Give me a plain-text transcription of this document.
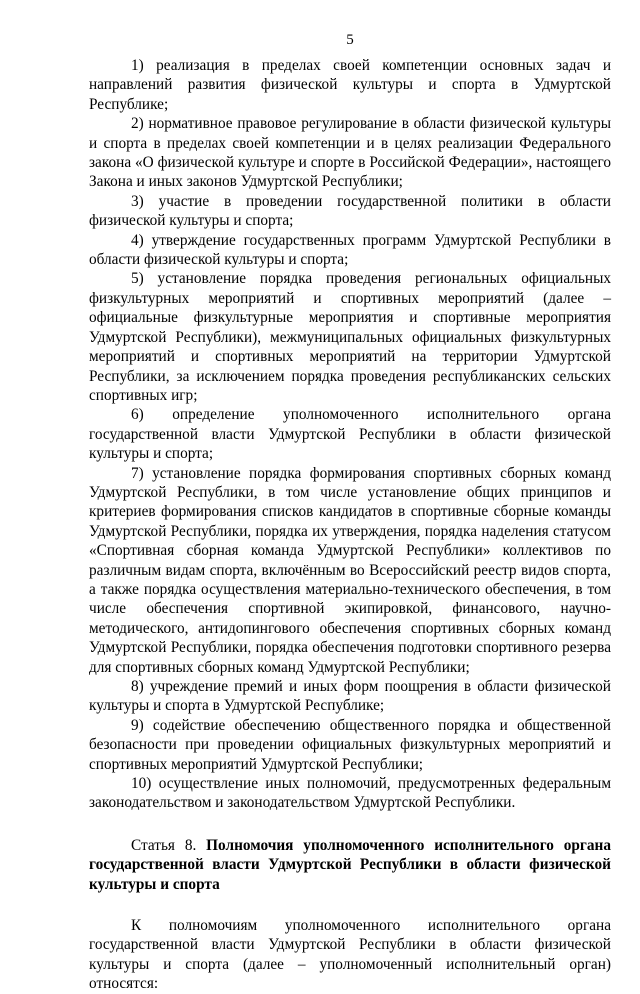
5

1) реализация в пределах своей компетенции основных задач и направлений развития физической культуры и спорта в Удмуртской Республике;

2) нормативное правовое регулирование в области физической культуры и спорта в пределах своей компетенции и в целях реализации Федерального закона «О физической культуре и спорте в Российской Федерации», настоящего Закона и иных законов Удмуртской Республики;

3) участие в проведении государственной политики в области физической культуры и спорта;

4) утверждение государственных программ Удмуртской Республики в области физической культуры и спорта;

5) установление порядка проведения региональных официальных физкультурных мероприятий и спортивных мероприятий (далее – официальные физкультурные мероприятия и спортивные мероприятия Удмуртской Республики), межмуниципальных официальных физкультурных мероприятий и спортивных мероприятий на территории Удмуртской Республики, за исключением порядка проведения республиканских сельских спортивных игр;

6) определение уполномоченного исполнительного органа государственной власти Удмуртской Республики в области физической культуры и спорта;

7) установление порядка формирования спортивных сборных команд Удмуртской Республики, в том числе установление общих принципов и критериев формирования списков кандидатов в спортивные сборные команды Удмуртской Республики, порядка их утверждения, порядка наделения статусом «Спортивная сборная команда Удмуртской Республики» коллективов по различным видам спорта, включённым во Всероссийский реестр видов спорта, а также порядка осуществления материально-технического обеспечения, в том числе обеспечения спортивной экипировкой, финансового, научно-методического, антидопингового обеспечения спортивных сборных команд Удмуртской Республики, порядка обеспечения подготовки спортивного резерва для спортивных сборных команд Удмуртской Республики;

8) учреждение премий и иных форм поощрения в области физической культуры и спорта в Удмуртской Республике;

9) содействие обеспечению общественного порядка и общественной безопасности при проведении официальных физкультурных мероприятий и спортивных мероприятий Удмуртской Республики;

10) осуществление иных полномочий, предусмотренных федеральным законодательством и законодательством Удмуртской Республики.

Статья 8. Полномочия уполномоченного исполнительного органа государственной власти Удмуртской Республики в области физической культуры и спорта

К полномочиям уполномоченного исполнительного органа

государственной власти Удмуртской Республики в области физической культуры и спорта (далее – уполномоченный исполнительный орган) относятся:
